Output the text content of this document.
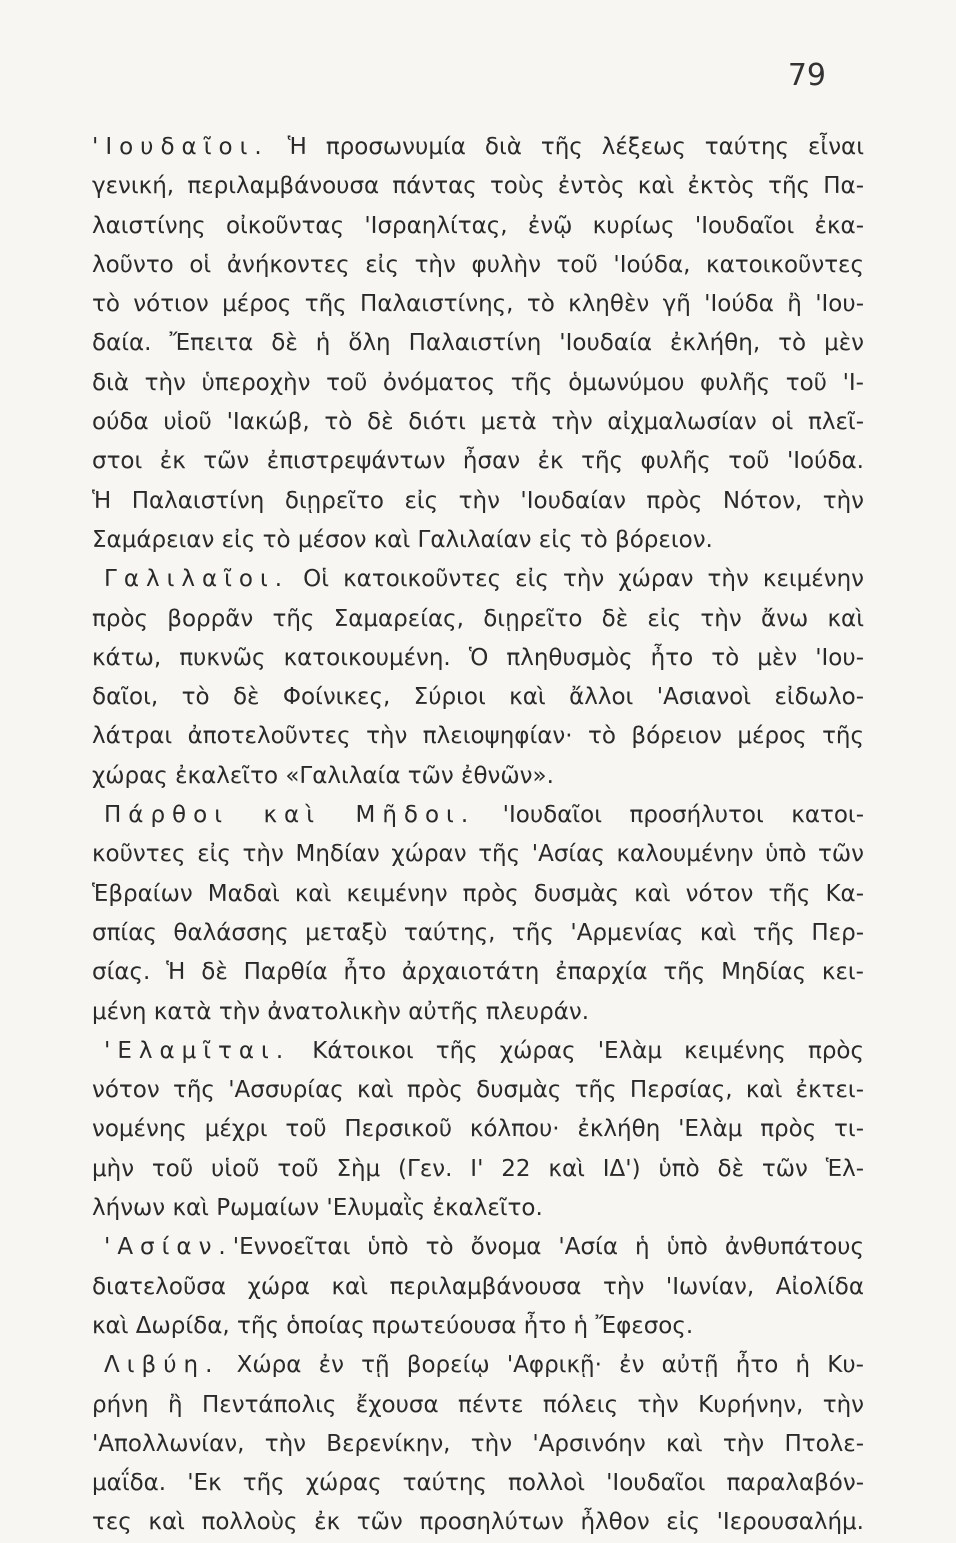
79
'Ιουδαῖοι. Ἡ προσωνυμία διὰ τῆς λέξεως ταύτης εἶναι
γενική, περιλαμβάνουσα πάντας τοὺς ἐντὸς καὶ ἐκτὸς τῆς Πα-
λαιστίνης οἰκοῦντας 'Ισραηλίτας, ἐνῷ κυρίως 'Ιουδαῖοι ἐκα-
λοῦντο οἱ ἀνήκοντες εἰς τὴν φυλὴν τοῦ 'Ιούδα, κατοικοῦντες
τὸ νότιον μέρος τῆς Παλαιστίνης, τὸ κληθὲν γῆ 'Ιούδα ἢ 'Ιου-
δαία. Ἔπειτα δὲ ἡ ὅλη Παλαιστίνη 'Ιουδαία ἐκλήθη, τὸ μὲν
διὰ τὴν ὑπεροχὴν τοῦ ὀνόματος τῆς ὁμωνύμου φυλῆς τοῦ 'Ι-
ούδα υἱοῦ 'Ιακώβ, τὸ δὲ διότι μετὰ τὴν αἰχμαλωσίαν οἱ πλεῖ-
στοι ἐκ τῶν ἐπιστρεψάντων ἦσαν ἐκ τῆς φυλῆς τοῦ 'Ιούδα.
Ἡ Παλαιστίνη διῃρεῖτο εἰς τὴν 'Ιουδαίαν πρὸς Νότον, τὴν
Σαμάρειαν εἰς τὸ μέσον καὶ Γαλιλαίαν εἰς τὸ βόρειον.
Γαλιλαῖοι. Οἱ κατοικοῦντες εἰς τὴν χώραν τὴν κειμένην
πρὸς βορρᾶν τῆς Σαμαρείας, διῃρεῖτο δὲ εἰς τὴν ἄνω καὶ
κάτω, πυκνῶς κατοικουμένη. Ὁ πληθυσμὸς ἦτο τὸ μὲν 'Ιου-
δαῖοι, τὸ δὲ Φοίνικες, Σύριοι καὶ ἄλλοι 'Ασιανοὶ εἰδωλο-
λάτραι ἀποτελοῦντες τὴν πλειοψηφίαν· τὸ βόρειον μέρος τῆς
χώρας ἐκαλεῖτο «Γαλιλαία τῶν ἐθνῶν».
Πάρθοι καὶ Μῆδοι. 'Ιουδαῖοι προσήλυτοι κατοι-
κοῦντες εἰς τὴν Μηδίαν χώραν τῆς 'Ασίας καλουμένην ὑπὸ τῶν
Ἑβραίων Μαδαὶ καὶ κειμένην πρὸς δυσμὰς καὶ νότον τῆς Κα-
σπίας θαλάσσης μεταξὺ ταύτης, τῆς 'Αρμενίας καὶ τῆς Περ-
σίας. Ἡ δὲ Παρθία ἦτο ἀρχαιοτάτη ἐπαρχία τῆς Μηδίας κει-
μένη κατὰ τὴν ἀνατολικὴν αὐτῆς πλευράν.
'Ελαμῖται. Κάτοικοι τῆς χώρας 'Ελὰμ κειμένης πρὸς
νότον τῆς 'Ασσυρίας καὶ πρὸς δυσμὰς τῆς Περσίας, καὶ ἐκτει-
νομένης μέχρι τοῦ Περσικοῦ κόλπου· ἐκλήθη 'Ελὰμ πρὸς τι-
μὴν τοῦ υἱοῦ τοῦ Σὴμ (Γεν. Ι' 22 καὶ ΙΔ') ὑπὸ δὲ τῶν Ἑλ-
λήνων καὶ Ρωμαίων 'Ελυμαῒς ἐκαλεῖτο.
'Ασίαν.'Εννοεῖται ὑπὸ τὸ ὄνομα 'Ασία ἡ ὑπὸ ἀνθυπάτους
διατελοῦσα χώρα καὶ περιλαμβάνουσα τὴν 'Ιωνίαν, Αἰολίδα
καὶ Δωρίδα, τῆς ὁποίας πρωτεύουσα ἦτο ἡ Ἔφεσος.
Λιβύη. Χώρα ἐν τῇ βορείῳ 'Αφρικῇ· ἐν αὐτῇ ἦτο ἡ Κυ-
ρήνη ἢ Πεντάπολις ἔχουσα πέντε πόλεις τὴν Κυρήνην, τὴν
'Απολλωνίαν, τὴν Βερενίκην, τὴν 'Αρσινόην καὶ τὴν Πτολε-
μαΐδα. 'Εκ τῆς χώρας ταύτης πολλοὶ 'Ιουδαῖοι παραλαβόν-
τες καὶ πολλοὺς ἐκ τῶν προσηλύτων ἦλθον εἰς 'Ιερουσαλήμ.
